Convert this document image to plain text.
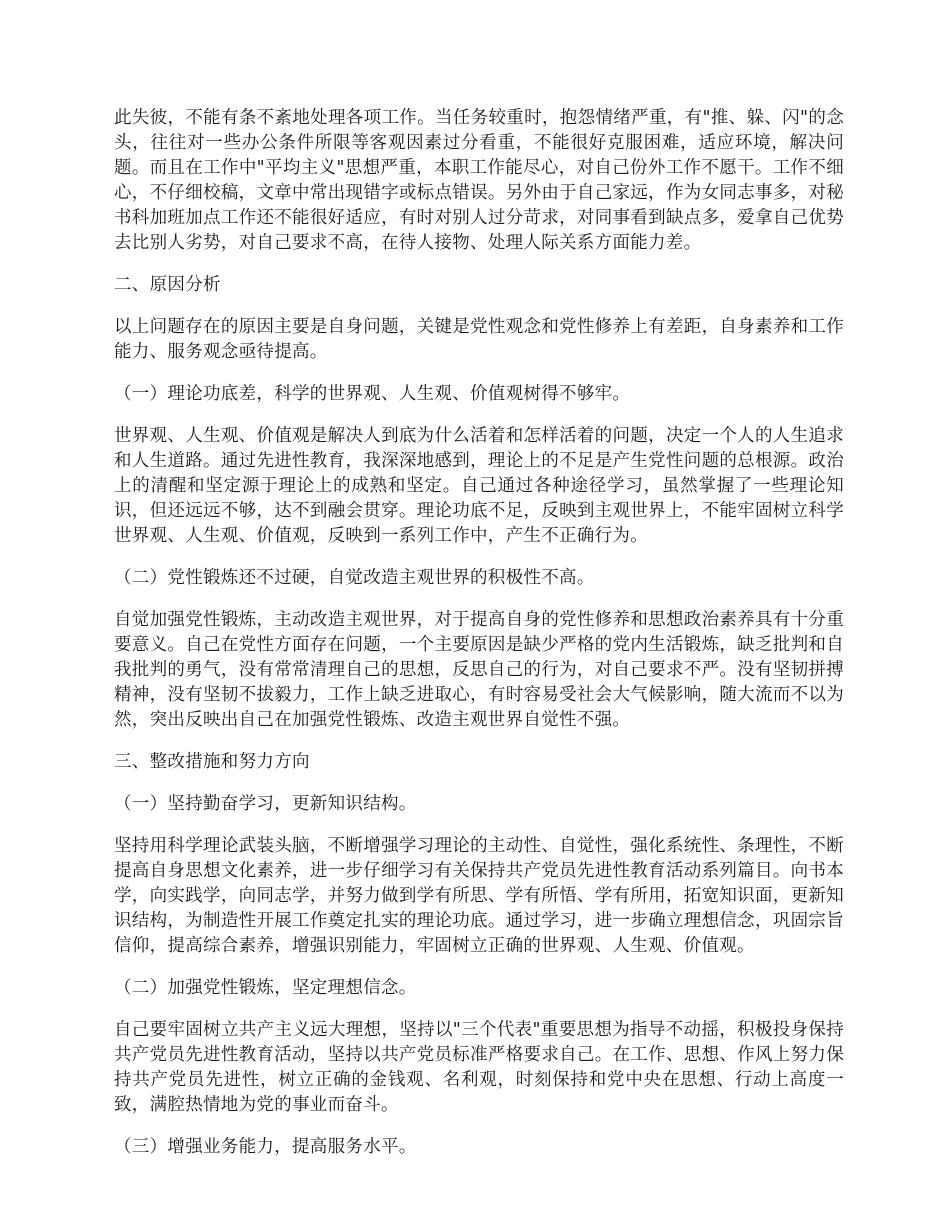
此失彼，不能有条不紊地处理各项工作。当任务较重时，抱怨情绪严重，有"推、躲、闪"的念头，往往对一些办公条件所限等客观因素过分看重，不能很好克服困难，适应环境，解决问题。而且在工作中"平均主义"思想严重，本职工作能尽心，对自己份外工作不愿干。工作不细心，不仔细校稿，文章中常出现错字或标点错误。另外由于自己家远，作为女同志事多，对秘书科加班加点工作还不能很好适应，有时对别人过分苛求，对同事看到缺点多，爱拿自己优势去比别人劣势，对自己要求不高，在待人接物、处理人际关系方面能力差。

二、原因分析

以上问题存在的原因主要是自身问题，关键是党性观念和党性修养上有差距，自身素养和工作能力、服务观念亟待提高。

（一）理论功底差，科学的世界观、人生观、价值观树得不够牢。

世界观、人生观、价值观是解决人到底为什么活着和怎样活着的问题，决定一个人的人生追求和人生道路。通过先进性教育，我深深地感到，理论上的不足是产生党性问题的总根源。政治上的清醒和坚定源于理论上的成熟和坚定。自己通过各种途径学习，虽然掌握了一些理论知识，但还远远不够，达不到融会贯穿。理论功底不足，反映到主观世界上，不能牢固树立科学世界观、人生观、价值观，反映到一系列工作中，产生不正确行为。

（二）党性锻炼还不过硬，自觉改造主观世界的积极性不高。

自觉加强党性锻炼，主动改造主观世界，对于提高自身的党性修养和思想政治素养具有十分重要意义。自己在党性方面存在问题，一个主要原因是缺少严格的党内生活锻炼，缺乏批判和自我批判的勇气，没有常常清理自己的思想，反思自己的行为，对自己要求不严。没有坚韧拼搏精神，没有坚韧不拔毅力，工作上缺乏进取心，有时容易受社会大气候影响，随大流而不以为然，突出反映出自己在加强党性锻炼、改造主观世界自觉性不强。

三、整改措施和努力方向

（一）坚持勤奋学习，更新知识结构。

坚持用科学理论武装头脑，不断增强学习理论的主动性、自觉性，强化系统性、条理性，不断提高自身思想文化素养，进一步仔细学习有关保持共产党员先进性教育活动系列篇目。向书本学，向实践学，向同志学，并努力做到学有所思、学有所悟、学有所用，拓宽知识面，更新知识结构，为制造性开展工作奠定扎实的理论功底。通过学习，进一步确立理想信念，巩固宗旨信仰，提高综合素养，增强识别能力，牢固树立正确的世界观、人生观、价值观。

（二）加强党性锻炼，坚定理想信念。

自己要牢固树立共产主义远大理想，坚持以"三个代表"重要思想为指导不动摇，积极投身保持共产党员先进性教育活动，坚持以共产党员标准严格要求自己。在工作、思想、作风上努力保持共产党员先进性，树立正确的金钱观、名利观，时刻保持和党中央在思想、行动上高度一致，满腔热情地为党的事业而奋斗。

（三）增强业务能力，提高服务水平。
